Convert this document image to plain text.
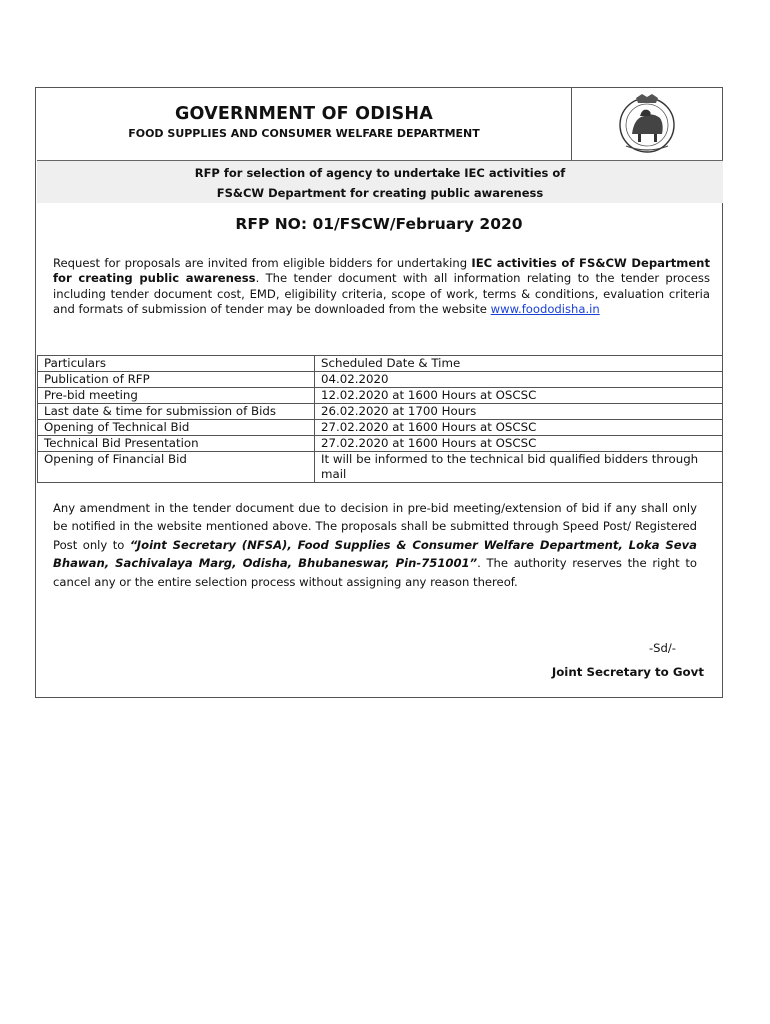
GOVERNMENT OF ODISHA
FOOD SUPPLIES AND CONSUMER WELFARE DEPARTMENT
RFP for selection of agency to undertake IEC activities of
FS&CW Department for creating public awareness
RFP NO: 01/FSCW/February 2020
Request for proposals are invited from eligible bidders for undertaking IEC activities of FS&CW Department for creating public awareness. The tender document with all information relating to the tender process including tender document cost, EMD, eligibility criteria, scope of work, terms & conditions, evaluation criteria and formats of submission of tender may be downloaded from the website www.foododisha.in
Particulars	Scheduled Date & Time
Publication of RFP	04.02.2020
Pre-bid meeting	12.02.2020 at 1600 Hours at OSCSC
Last date & time for submission of Bids	26.02.2020 at 1700 Hours
Opening of Technical Bid	27.02.2020 at 1600 Hours at OSCSC
Technical Bid Presentation	27.02.2020 at 1600 Hours at OSCSC
Opening of Financial Bid	It will be informed to the technical bid qualified bidders through mail
Any amendment in the tender document due to decision in pre-bid meeting/extension of bid if any shall only be notified in the website mentioned above. The proposals shall be submitted through Speed Post/ Registered Post only to “Joint Secretary (NFSA), Food Supplies & Consumer Welfare Department, Loka Seva Bhawan, Sachivalaya Marg, Odisha, Bhubaneswar, Pin-751001”. The authority reserves the right to cancel any or the entire selection process without assigning any reason thereof.
-Sd/-
Joint Secretary to Govt
